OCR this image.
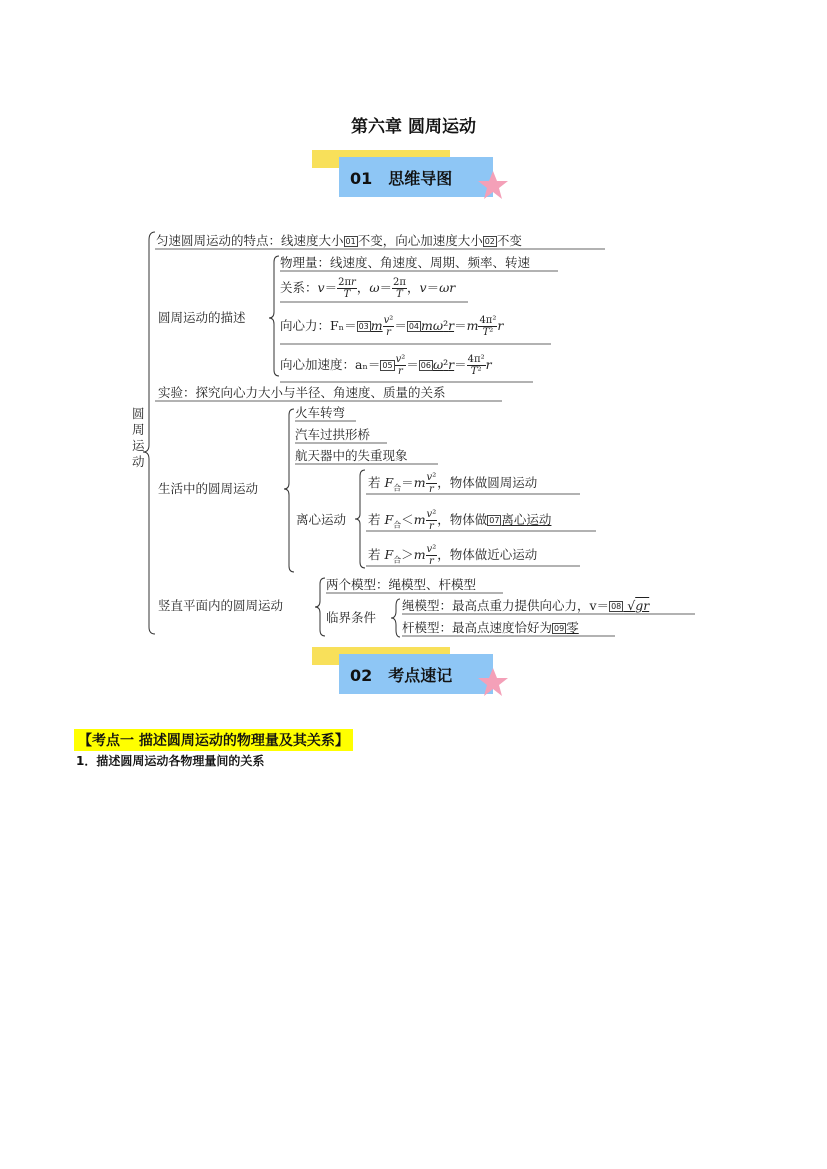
第六章 圆周运动
01 思维导图
圆周运动
匀速圆周运动的特点：线速度大小 01 不变，向心加速度大小 02 不变
圆周运动的描述
物理量：线速度、角速度、周期、频率、转速
关系：$v= \frac{2\pi r}{T}$ ，$\omega= \frac{2\pi}{T}$ ，v＝ωr
向心力：Fₙ＝ 03 m $\frac{\text{v²}}{r} = 04$ $m\omega^2r=m \frac{\text{4π²}}{\text{T²}}$ r
向心加速度：$a_n= 05 \frac{\text{v²}}{r} = 06$ $\omega^2r= \frac{\text{4π²}}{\text{T²}}$ r
实验：探究向心力大小与半径、角速度、质量的关系
生活中的圆周运动
火车转弯
汽车过拱形桥
航天器中的失重现象
离心运动
若 $F_合=m \frac{\text{v²}}{r}$ ，物体做圆周运动
若 $F_合<m \frac{\text{v²}}{r}$ ，物体做 07 离心运动
若 $F_合>m \frac{\text{v²}}{r}$ ，物体做近心运动
竖直平面内的圆周运动
两个模型：绳模型、杆模型
临界条件
绳模型：最高点重力提供向心力，v＝ 08 √gr
杆模型：最高点速度恰好为 09 零
02 考点速记
【考点一 描述圆周运动的物理量及其关系】
1．描述圆周运动各物理量间的关系
